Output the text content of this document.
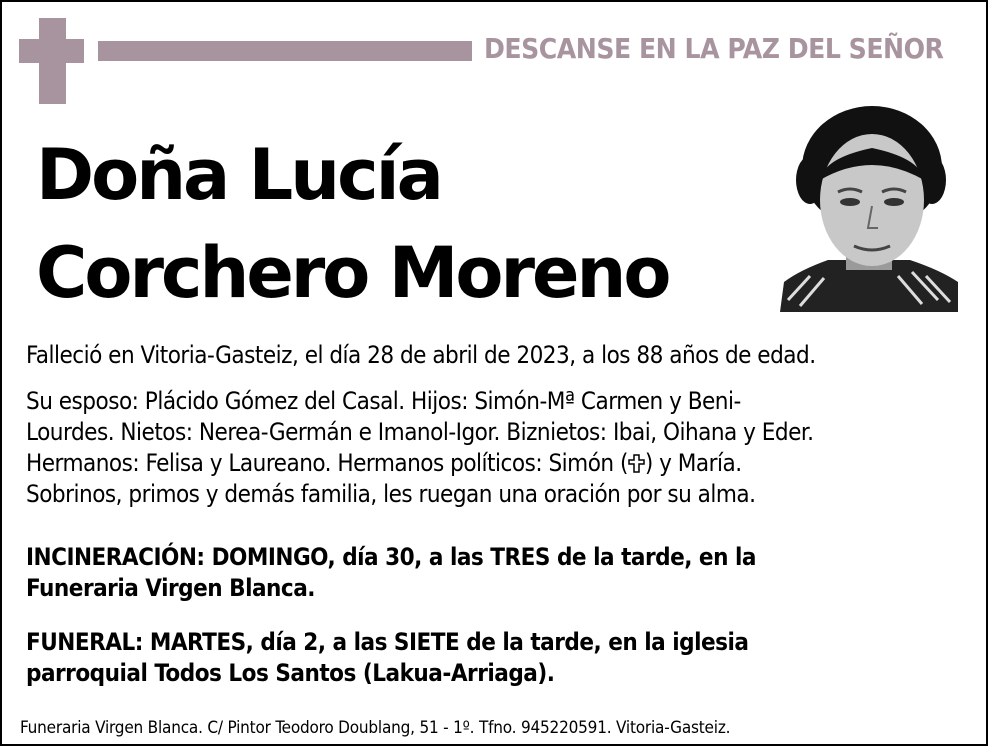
DESCANSE EN LA PAZ DEL SEÑOR
Doña Lucía
Corchero Moreno
Falleció en Vitoria-Gasteiz, el día 28 de abril de 2023, a los 88 años de edad.
Su esposo: Plácido Gómez del Casal. Hijos: Simón-Mª Carmen y Beni-
Lourdes. Nietos: Nerea-Germán e Imanol-Igor. Biznietos: Ibai, Oihana y Eder.
Hermanos: Felisa y Laureano. Hermanos políticos: Simón ( ) y María.
Sobrinos, primos y demás familia, les ruegan una oración por su alma.
INCINERACIÓN: DOMINGO, día 30, a las TRES de la tarde, en la
Funeraria Virgen Blanca.
FUNERAL: MARTES, día 2, a las SIETE de la tarde, en la iglesia
parroquial Todos Los Santos (Lakua-Arriaga).
Funeraria Virgen Blanca. C/ Pintor Teodoro Doublang, 51 - 1º. Tfno. 945220591. Vitoria-Gasteiz.
